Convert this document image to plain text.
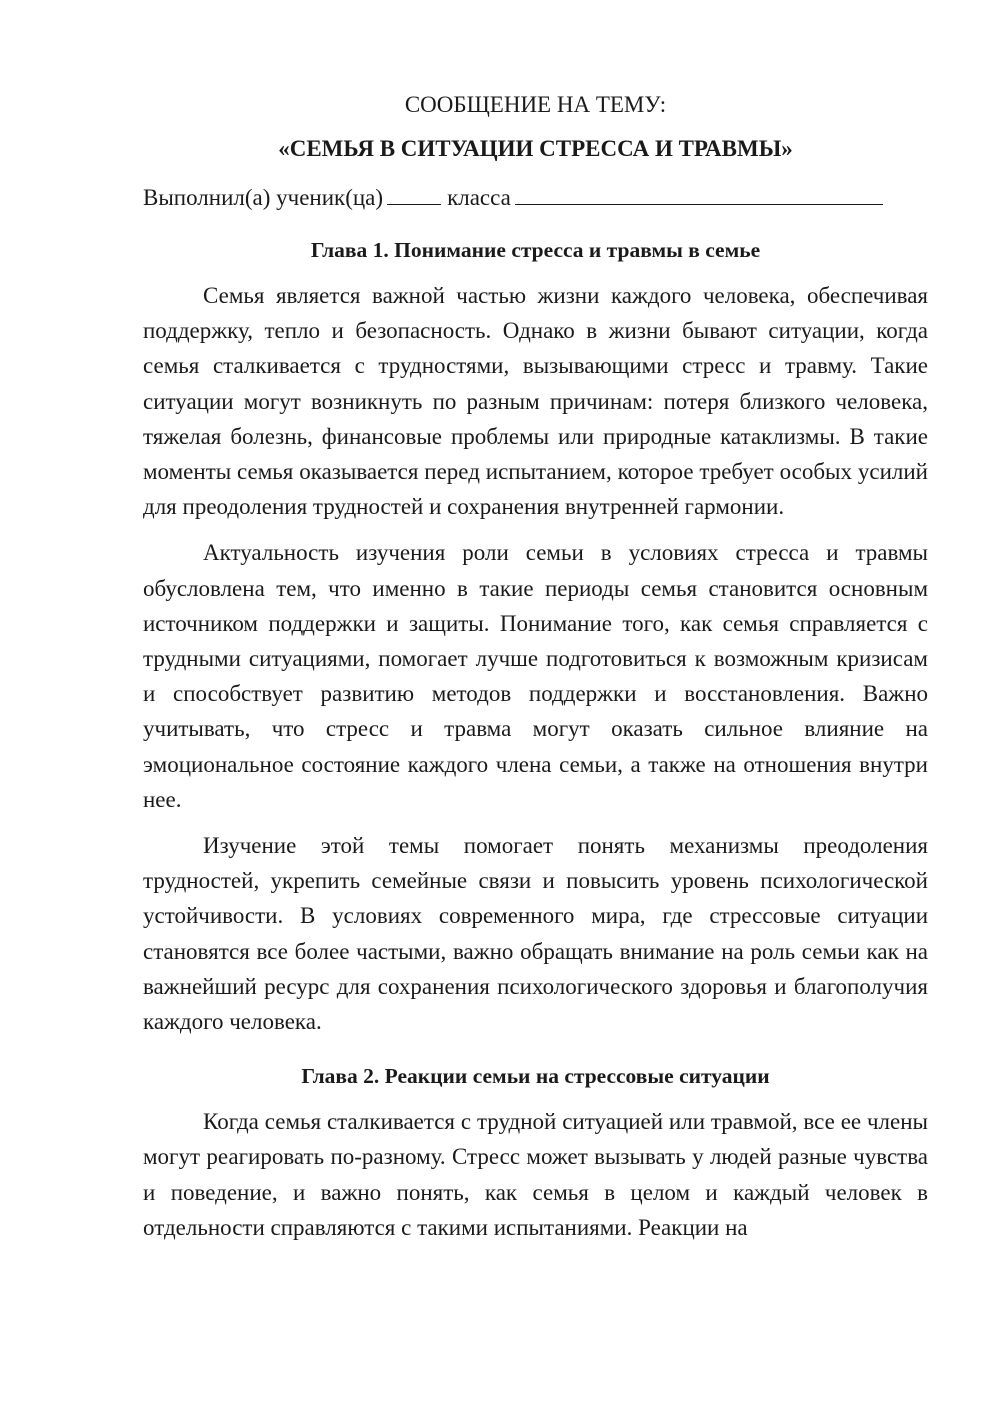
СООБЩЕНИЕ НА ТЕМУ:

«СЕМЬЯ В СИТУАЦИИ СТРЕССА И ТРАВМЫ»

Выполнил(а) ученик(ца)	класса

Глава 1. Понимание стресса и травмы в семье

Семья является важной частью жизни каждого человека, обеспечивая поддержку, тепло и безопасность. Однако в жизни бывают ситуации, когда семья сталкивается с трудностями, вызывающими стресс и травму. Такие ситуации могут возникнуть по разным причинам: потеря близкого человека, тяжелая болезнь, финансовые проблемы или природные катаклизмы. В такие моменты семья оказывается перед испытанием, которое требует особых усилий для преодоления трудностей и сохранения внутренней гармонии.

Актуальность изучения роли семьи в условиях стресса и травмы обусловлена тем, что именно в такие периоды семья становится основным источником поддержки и защиты. Понимание того, как семья справляется с трудными ситуациями, помогает лучше подготовиться к возможным кризисам и способствует развитию методов поддержки и восстановления. Важно учитывать, что стресс и травма могут оказать сильное влияние на эмоциональное состояние каждого члена семьи, а также на отношения внутри нее.

Изучение этой темы помогает понять механизмы преодоления трудностей, укрепить семейные связи и повысить уровень психологической устойчивости. В условиях современного мира, где стрессовые ситуации становятся все более частыми, важно обращать внимание на роль семьи как на важнейший ресурс для сохранения психологического здоровья и благополучия каждого человека.

Глава 2. Реакции семьи на стрессовые ситуации

Когда семья сталкивается с трудной ситуацией или травмой, все ее члены могут реагировать по-разному. Стресс может вызывать у людей разные чувства и поведение, и важно понять, как семья в целом и каждый человек в отдельности справляются с такими испытаниями. Реакции на
